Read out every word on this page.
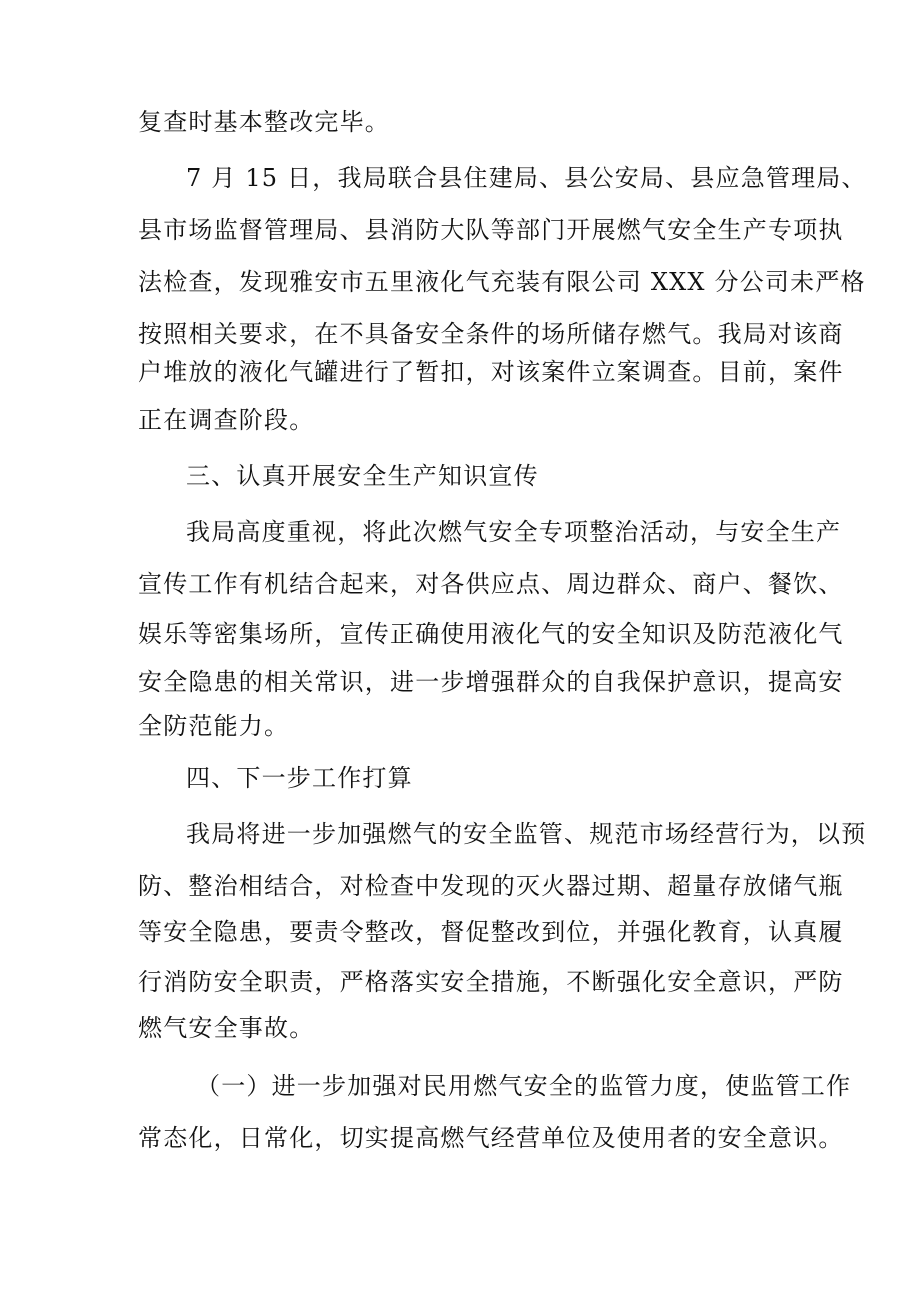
复查时基本整改完毕。
7 月 15 日，我局联合县住建局、县公安局、县应急管理局、
县市场监督管理局、县消防大队等部门开展燃气安全生产专项执
法检查，发现雅安市五里液化气充装有限公司 XXX 分公司未严格
按照相关要求，在不具备安全条件的场所储存燃气。我局对该商
户堆放的液化气罐进行了暂扣，对该案件立案调查。目前，案件
正在调查阶段。
三、认真开展安全生产知识宣传
我局高度重视，将此次燃气安全专项整治活动，与安全生产
宣传工作有机结合起来，对各供应点、周边群众、商户、餐饮、
娱乐等密集场所，宣传正确使用液化气的安全知识及防范液化气
安全隐患的相关常识，进一步增强群众的自我保护意识，提高安
全防范能力。
四、下一步工作打算
我局将进一步加强燃气的安全监管、规范市场经营行为，以预
防、整治相结合，对检查中发现的灭火器过期、超量存放储气瓶
等安全隐患，要责令整改，督促整改到位，并强化教育，认真履
行消防安全职责，严格落实安全措施，不断强化安全意识，严防
燃气安全事故。
（一）进一步加强对民用燃气安全的监管力度，使监管工作
常态化，日常化，切实提高燃气经营单位及使用者的安全意识。
